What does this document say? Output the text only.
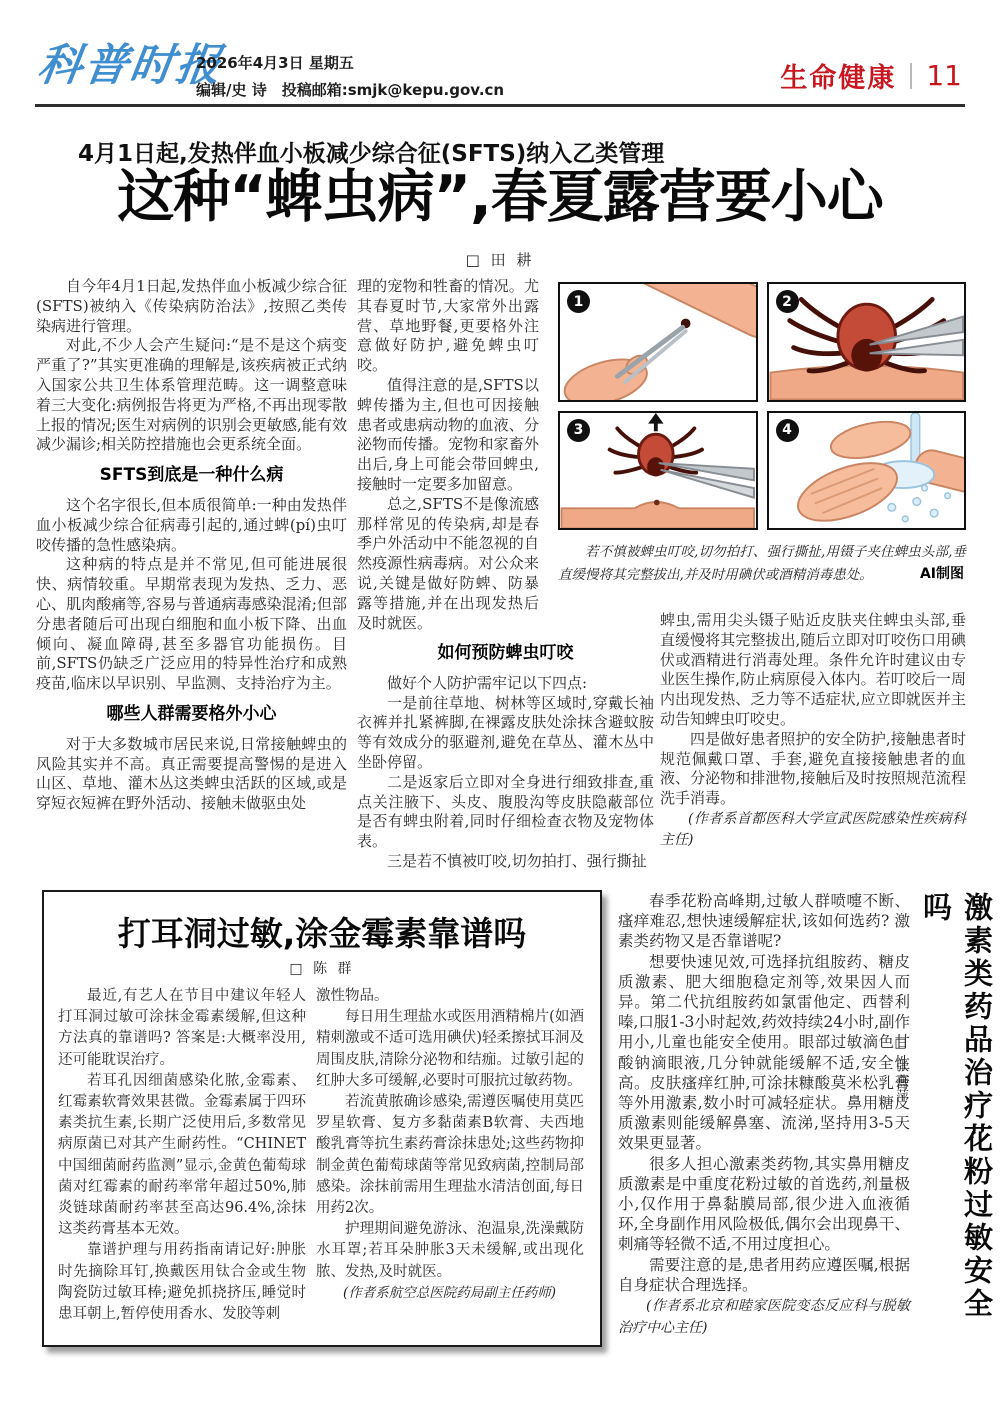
科普时报
2026年4月3日 星期五
编辑/史 诗　投稿邮箱:smjk@kepu.gov.cn	生命健康 11
4月1日起,发热伴血小板减少综合征(SFTS)纳入乙类管理
这种“蜱虫病”,春夏露营要小心
□ 田 耕

自今年4月1日起,发热伴血小板减少综合征(SFTS)被纳入《传染病防治法》,按照乙类传染病进行管理。

对此,不少人会产生疑问:“是不是这个病变严重了?”其实更准确的理解是,该疾病被正式纳入国家公共卫生体系管理范畴。这一调整意味着三大变化:病例报告将更为严格,不再出现零散上报的情况;医生对病例的识别会更敏感,能有效减少漏诊;相关防控措施也会更系统全面。

SFTS到底是一种什么病

这个名字很长,但本质很简单:一种由发热伴血小板减少综合征病毒引起的,通过蜱(pí)虫叮咬传播的急性感染病。

这种病的特点是并不常见,但可能进展很快、病情较重。早期常表现为发热、乏力、恶心、肌肉酸痛等,容易与普通病毒感染混淆;但部分患者随后可出现白细胞和血小板下降、出血倾向、凝血障碍,甚至多器官功能损伤。目前,SFTS仍缺乏广泛应用的特异性治疗和成熟疫苗,临床以早识别、早监测、支持治疗为主。

哪些人群需要格外小心

对于大多数城市居民来说,日常接触蜱虫的风险其实并不高。真正需要提高警惕的是进入山区、草地、灌木丛这类蜱虫活跃的区域,或是穿短衣短裤在野外活动、接触未做驱虫处

理的宠物和牲畜的情况。尤其春夏时节,大家常外出露营、草地野餐,更要格外注意做好防护,避免蜱虫叮咬。

值得注意的是,SFTS以蜱传播为主,但也可因接触患者或患病动物的血液、分泌物而传播。宠物和家畜外出后,身上可能会带回蜱虫,接触时一定要多加留意。

总之,SFTS不是像流感那样常见的传染病,却是春季户外活动中不能忽视的自然疫源性病毒病。对公众来说,关键是做好防蜱、防暴露等措施,并在出现发热后及时就医。

如何预防蜱虫叮咬

做好个人防护需牢记以下四点:

一是前往草地、树林等区域时,穿戴长袖衣裤并扎紧裤脚,在裸露皮肤处涂抹含避蚊胺等有效成分的驱避剂,避免在草丛、灌木丛中坐卧停留。

二是返家后立即对全身进行细致排查,重点关注腋下、头皮、腹股沟等皮肤隐蔽部位是否有蜱虫附着,同时仔细检查衣物及宠物体表。

三是若不慎被叮咬,切勿拍打、强行撕扯

蜱虫,需用尖头镊子贴近皮肤夹住蜱虫头部,垂直缓慢将其完整拔出,随后立即对叮咬伤口用碘伏或酒精进行消毒处理。条件允许时建议由专业医生操作,防止病原侵入体内。若叮咬后一周内出现发热、乏力等不适症状,应立即就医并主动告知蜱虫叮咬史。

四是做好患者照护的安全防护,接触患者时规范佩戴口罩、手套,避免直接接触患者的血液、分泌物和排泄物,接触后及时按照规范流程洗手消毒。

(作者系首都医科大学宣武医院感染性疾病科主任)

1	2
3	4
若不慎被蜱虫叮咬,切勿拍打、强行撕扯,用镊子夹住蜱虫头部,垂直缓慢将其完整拔出,并及时用碘伏或酒精消毒患处。	AI制图
打耳洞过敏,涂金霉素靠谱吗
□ 陈 群

最近,有艺人在节目中建议年轻人打耳洞过敏可涂抹金霉素缓解,但这种方法真的靠谱吗? 答案是:大概率没用,还可能耽误治疗。

若耳孔因细菌感染化脓,金霉素、红霉素软膏效果甚微。金霉素属于四环素类抗生素,长期广泛使用后,多数常见病原菌已对其产生耐药性。“CHINET中国细菌耐药监测”显示,金黄色葡萄球菌对红霉素的耐药率常年超过50%,肺炎链球菌耐药率甚至高达96.4%,涂抹这类药膏基本无效。

靠谱护理与用药指南请记好:肿胀时先摘除耳钉,换戴医用钛合金或生物陶瓷防过敏耳棒;避免抓挠挤压,睡觉时患耳朝上,暂停使用香水、发胶等刺

激性物品。

每日用生理盐水或医用酒精棉片(如酒精刺激或不适可选用碘伏)轻柔擦拭耳洞及周围皮肤,清除分泌物和结痂。过敏引起的红肿大多可缓解,必要时可服抗过敏药物。

若流黄脓确诊感染,需遵医嘱使用莫匹罗星软膏、复方多黏菌素B软膏、夫西地酸乳膏等抗生素药膏涂抹患处;这些药物抑制金黄色葡萄球菌等常见致病菌,控制局部感染。涂抹前需用生理盐水清洁创面,每日用药2次。

护理期间避免游泳、泡温泉,洗澡戴防水耳罩;若耳朵肿胀3天未缓解,或出现化脓、发热,及时就医。

(作者系航空总医院药局副主任药师)

春季花粉高峰期,过敏人群喷嚏不断、瘙痒难忍,想快速缓解症状,该如何选药? 激素类药物又是否靠谱呢?

想要快速见效,可选择抗组胺药、糖皮质激素、肥大细胞稳定剂等,效果因人而异。第二代抗组胺药如氯雷他定、西替利嗪,口服1-3小时起效,药效持续24小时,副作用小,儿童也能安全使用。眼部过敏滴色甘酸钠滴眼液,几分钟就能缓解不适,安全性高。皮肤瘙痒红肿,可涂抹糠酸莫米松乳膏等外用激素,数小时可减轻症状。鼻用糖皮质激素则能缓解鼻塞、流涕,坚持用3-5天效果更显著。

很多人担心激素类药物,其实鼻用糖皮质激素是中重度花粉过敏的首选药,剂量极小,仅作用于鼻黏膜局部,很少进入血液循环,全身副作用风险极低,偶尔会出现鼻干、刺痛等轻微不适,不用过度担心。

需要注意的是,患者用药应遵医嘱,根据自身症状合理选择。

(作者系北京和睦家医院变态反应科与脱敏治疗中心主任)

□ 张燕萍	激素类药品治疗花粉过敏安全吗
